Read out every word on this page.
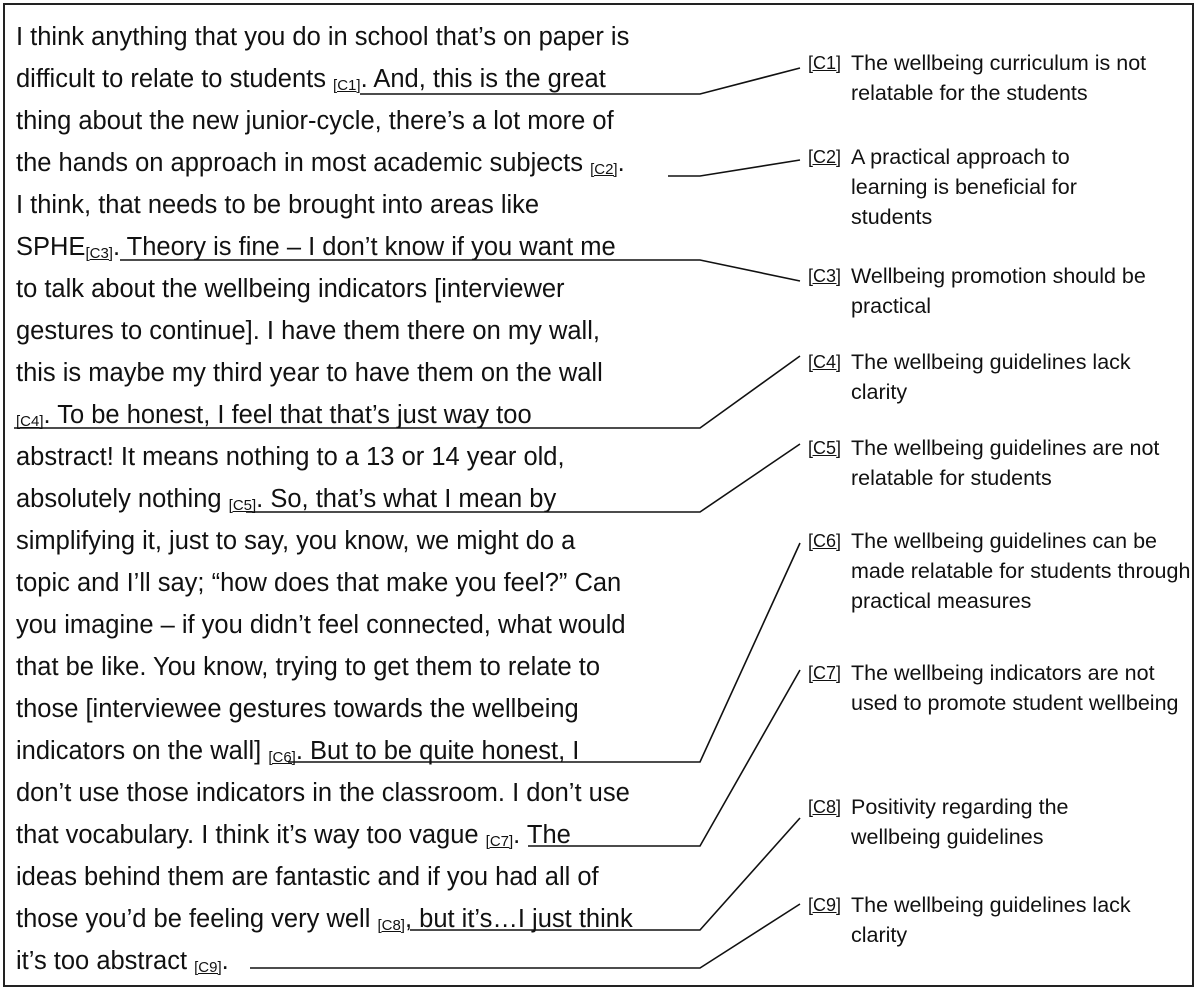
I think anything that you do in school that’s on paper is
difficult to relate to students [C1]. And, this is the great
thing about the new junior-cycle, there’s a lot more of
the hands on approach in most academic subjects [C2].
I think, that needs to be brought into areas like
SPHE[C3]. Theory is fine – I don’t know if you want me
to talk about the wellbeing indicators [interviewer
gestures to continue]. I have them there on my wall,
this is maybe my third year to have them on the wall
[C4]. To be honest, I feel that that’s just way too
abstract! It means nothing to a 13 or 14 year old,
absolutely nothing [C5]. So, that’s what I mean by
simplifying it, just to say, you know, we might do a
topic and I’ll say; “how does that make you feel?” Can
you imagine – if you didn’t feel connected, what would
that be like. You know, trying to get them to relate to
those [interviewee gestures towards the wellbeing
indicators on the wall] [C6]. But to be quite honest, I
don’t use those indicators in the classroom. I don’t use
that vocabulary. I think it’s way too vague [C7]. The
ideas behind them are fantastic and if you had all of
those you’d be feeling very well [C8], but it’s…I just think
it’s too abstract [C9].
[C1] The wellbeing curriculum is not relatable for the students
[C2] A practical approach to learning is beneficial for students
[C3] Wellbeing promotion should be practical
[C4] The wellbeing guidelines lack clarity
[C5] The wellbeing guidelines are not relatable for students
[C6] The wellbeing guidelines can be made relatable for students through practical measures
[C7] The wellbeing indicators are not used to promote student wellbeing
[C8] Positivity regarding the wellbeing guidelines
[C9] The wellbeing guidelines lack clarity
